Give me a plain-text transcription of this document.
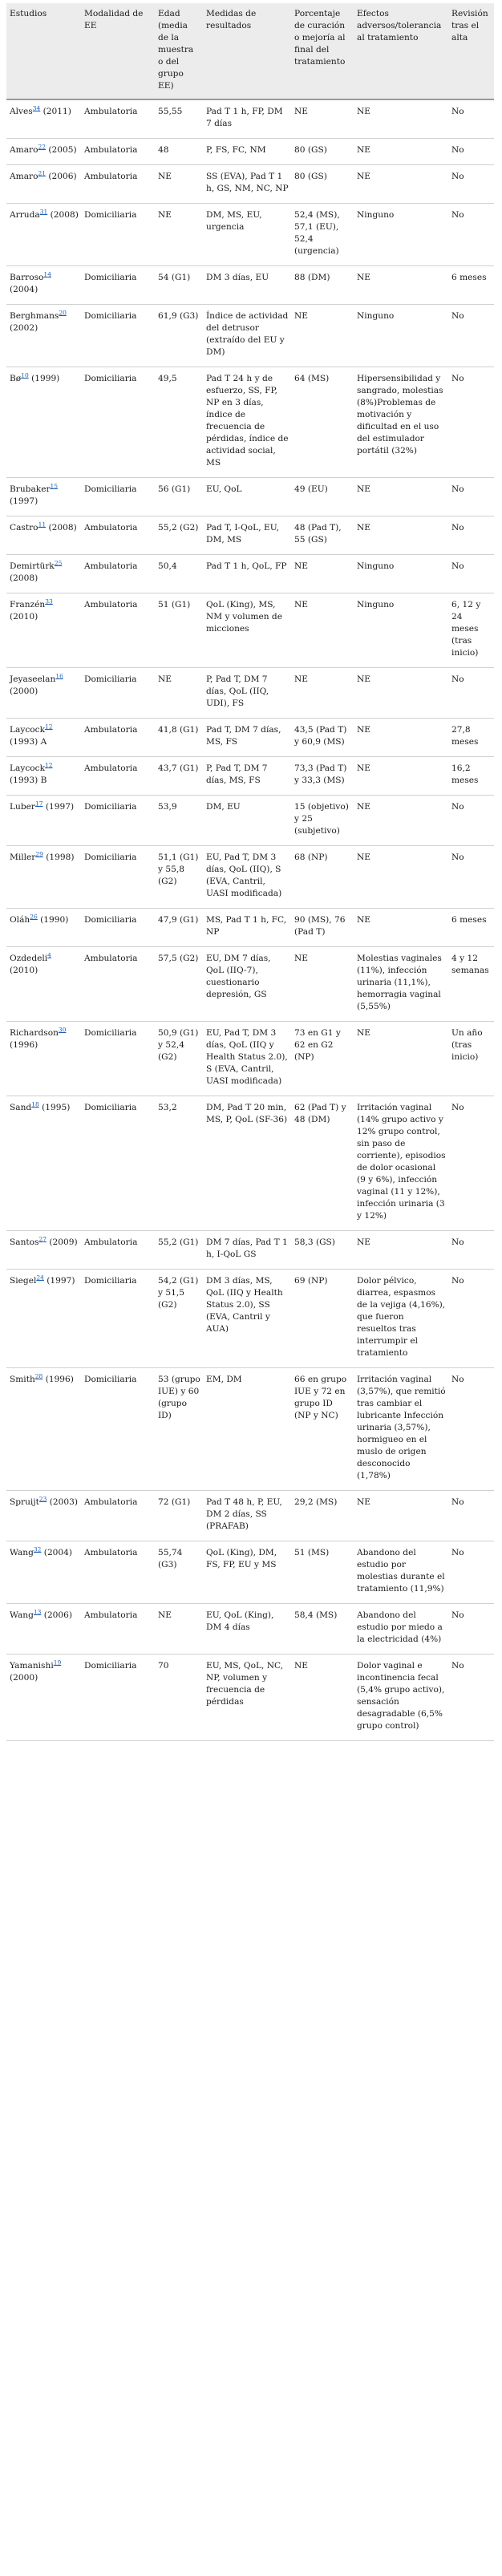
Estudios	Modalidad de EE	Edad (media de la muestra o del grupo EE)	Medidas de resultados	Porcentaje de curación o mejoría al final del tratamiento	Efectos adversos/tolerancia al tratamiento	Revisión tras el alta
Alves$^{34}$ (2011)	Ambulatoria	55,55	Pad T 1 h, FP, DM 7 días	NE	NE	No
Amaro$^{22}$ (2005)	Ambulatoria	48	P, FS, FC, NM	80 (GS)	NE	No
Amaro$^{21}$ (2006)	Ambulatoria	NE	SS (EVA), Pad T 1 h, GS, NM, NC, NP	80 (GS)	NE	No
Arruda$^{31}$ (2008)	Domiciliaria	NE	DM, MS, EU, urgencia	52,4 (MS), 57,1 (EU), 52,4 (urgencia)	Ninguno	No
Barroso$^{14}$ (2004)	Domiciliaria	54 (G1)	DM 3 días, EU	88 (DM)	NE	6 meses
Berghmans$^{20}$ (2002)	Domiciliaria	61,9 (G3)	Índice de actividad del detrusor (extraído del EU y DM)	NE	Ninguno	No
$Bø^{10}$ (1999)	Domiciliaria	49,5	Pad T 24 h y de esfuerzo, SS, FP, NP en 3 días, índice de frecuencia de pérdidas, índice de actividad social, MS	64 (MS)	Hipersensibilidad y sangrado, molestias (8%)Problemas de motivación y dificultad en el uso del estimulador portátil (32%)	No
Brubaker$^{15}$ (1997)	Domiciliaria	56 (G1)	EU, QoL	49 (EU)	NE	No
Castro$^{11}$ (2008)	Ambulatoria	55,2 (G2)	Pad T, I-QoL, EU, DM, MS	48 (Pad T), 55 (GS)	NE	No
Demirtürk$^{25}$ (2008)	Ambulatoria	50,4	Pad T 1 h, QoL, FP	NE	Ninguno	No
Franzén$^{33}$ (2010)	Ambulatoria	51 (G1)	QoL (King), MS, NM y volumen de micciones	NE	Ninguno	6, 12 y 24 meses (tras inicio)
Jeyaseelan$^{16}$ (2000)	Domiciliaria	NE	P, Pad T, DM 7 días, QoL (IIQ, UDI), FS	NE	NE	No
Laycock$^{12}$ (1993) A	Ambulatoria	41,8 (G1)	Pad T, DM 7 días, MS, FS	43,5 (Pad T) y 60,9 (MS)	NE	27,8 meses
Laycock$^{12}$ (1993) B	Ambulatoria	43,7 (G1)	P, Pad T, DM 7 días, MS, FS	73,3 (Pad T) y 33,3 (MS)	NE	16,2 meses
Luber$^{17}$ (1997)	Domiciliaria	53,9	DM, EU	15 (objetivo) y 25 (subjetivo)	NE	No
Miller$^{29}$ (1998)	Domiciliaria	51,1 (G1) y 55,8 (G2)	EU, Pad T, DM 3 días, QoL (IIQ), S (EVA, Cantril, UASI modificada)	68 (NP)	NE	No
Oláh$^{26}$ (1990)	Domiciliaria	47,9 (G1)	MS, Pad T 1 h, FC, NP	90 (MS), 76 (Pad T)	NE	6 meses
Ozdedeli$^4$ (2010)	Ambulatoria	57,5 (G2)	EU, DM 7 días, QoL (IIQ-7), cuestionario depresión, GS	NE	Molestias vaginales (11%), infección urinaria (11,1%), hemorragia vaginal (5,55%)	4 y 12 semanas
Richardson$^{30}$ (1996)	Domiciliaria	50,9 (G1) y 52,4 (G2)	EU, Pad T, DM 3 días, QoL (IIQ y Health Status 2.0), S (EVA, Cantril, UASI modificada)	73 en G1 y 62 en G2 (NP)	NE	Un año (tras inicio)
Sand$^{18}$ (1995)	Domiciliaria	53,2	DM, Pad T 20 min, MS, P, QoL (SF-36)	62 (Pad T) y 48 (DM)	Irritación vaginal (14% grupo activo y 12% grupo control, sin paso de corriente), episodios de dolor ocasional (9 y 6%), infección vaginal (11 y 12%), infección urinaria (3 y 12%)	No
Santos$^{27}$ (2009)	Ambulatoria	55,2 (G1)	DM 7 días, Pad T 1 h, I-QoL GS	58,3 (GS)	NE	No
Siegel$^{24}$ (1997)	Domiciliaria	54,2 (G1) y 51,5 (G2)	DM 3 días, MS, QoL (IIQ y Health Status 2.0), SS (EVA, Cantril y AUA)	69 (NP)	Dolor pélvico, diarrea, espasmos de la vejiga (4,16%), que fueron resueltos tras interrumpir el tratamiento	No
Smith$^{28}$ (1996)	Domiciliaria	53 (grupo IUE) y 60 (grupo ID)	EM, DM	66 en grupo IUE y 72 en grupo ID (NP y NC)	Irritación vaginal (3,57%), que remitió tras cambiar el lubricante Infección urinaria (3,57%), hormigueo en el muslo de origen desconocido (1,78%)	No
Spruijt$^{23}$ (2003)	Ambulatoria	72 (G1)	Pad T 48 h, P, EU, DM 2 días, SS (PRAFAB)	29,2 (MS)	NE	No
Wang$^{32}$ (2004)	Ambulatoria	55,74 (G3)	QoL (King), DM, FS, FP, EU y MS	51 (MS)	Abandono del estudio por molestias durante el tratamiento (11,9%)	No
Wang$^{13}$ (2006)	Ambulatoria	NE	EU, QoL (King), DM 4 días	58,4 (MS)	Abandono del estudio por miedo a la electricidad (4%)	No
Yamanishi$^{19}$ (2000)	Domiciliaria	70	EU, MS, QoL, NC, NP, volumen y frecuencia de pérdidas	NE	Dolor vaginal e incontinencia fecal (5,4% grupo activo), sensación desagradable (6,5% grupo control)	No
